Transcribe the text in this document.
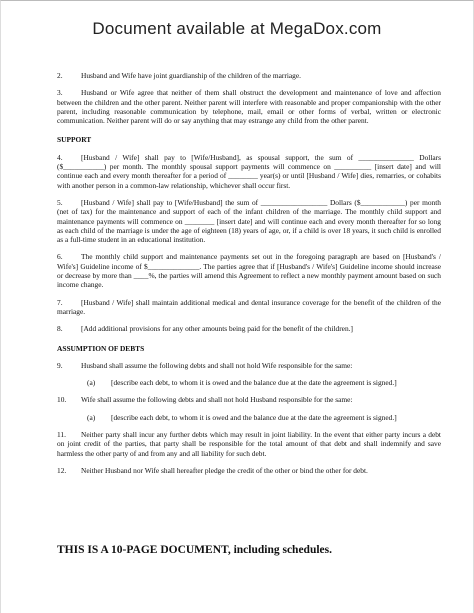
Document available at MegaDox.com
2. Husband and Wife have joint guardianship of the children of the marriage.
3. Husband or Wife agree that neither of them shall obstruct the development and maintenance of love and affection between the children and the other parent. Neither parent will interfere with reasonable and proper companionship with the other parent, including reasonable communication by telephone, mail, email or other forms of verbal, written or electronic communication. Neither parent will do or say anything that may estrange any child from the other parent.
SUPPORT
4. [Husband / Wife] shall pay to [Wife/Husband], as spousal support, the sum of _______________ Dollars ($___________) per month. The monthly spousal support payments will commence on __________ [insert date] and will continue each and every month thereafter for a period of ________ year(s) or until [Husband / Wife] dies, remarries, or cohabits with another person in a common-law relationship, whichever shall occur first.
5. [Husband / Wife] shall pay to [Wife/Husband] the sum of __________________ Dollars ($____________) per month (net of tax) for the maintenance and support of each of the infant children of the marriage. The monthly child support and maintenance payments will commence on ________ [insert date] and will continue each and every month thereafter for so long as each child of the marriage is under the age of eighteen (18) years of age, or, if a child is over 18 years, it such child is enrolled as a full-time student in an educational institution.
6. The monthly child support and maintenance payments set out in the foregoing paragraph are based on [Husband's / Wife's] Guideline income of $______________. The parties agree that if [Husband's / Wife's] Guideline income should increase or decrease by more than ____%, the parties will amend this Agreement to reflect a new monthly payment amount based on such income change.
7. [Husband / Wife] shall maintain additional medical and dental insurance coverage for the benefit of the children of the marriage.
8. [Add additional provisions for any other amounts being paid for the benefit of the children.]
ASSUMPTION OF DEBTS
9. Husband shall assume the following debts and shall not hold Wife responsible for the same:
(a)	[describe each debt, to whom it is owed and the balance due at the date the agreement is signed.]
10. Wife shall assume the following debts and shall not hold Husband responsible for the same:
(a)	[describe each debt, to whom it is owed and the balance due at the date the agreement is signed.]
11. Neither party shall incur any further debts which may result in joint liability. In the event that either party incurs a debt on joint credit of the parties, that party shall be responsible for the total amount of that debt and shall indemnify and save harmless the other party of and from any and all liability for such debt.
12. Neither Husband nor Wife shall hereafter pledge the credit of the other or bind the other for debt.
THIS IS A 10-PAGE DOCUMENT, including schedules.
